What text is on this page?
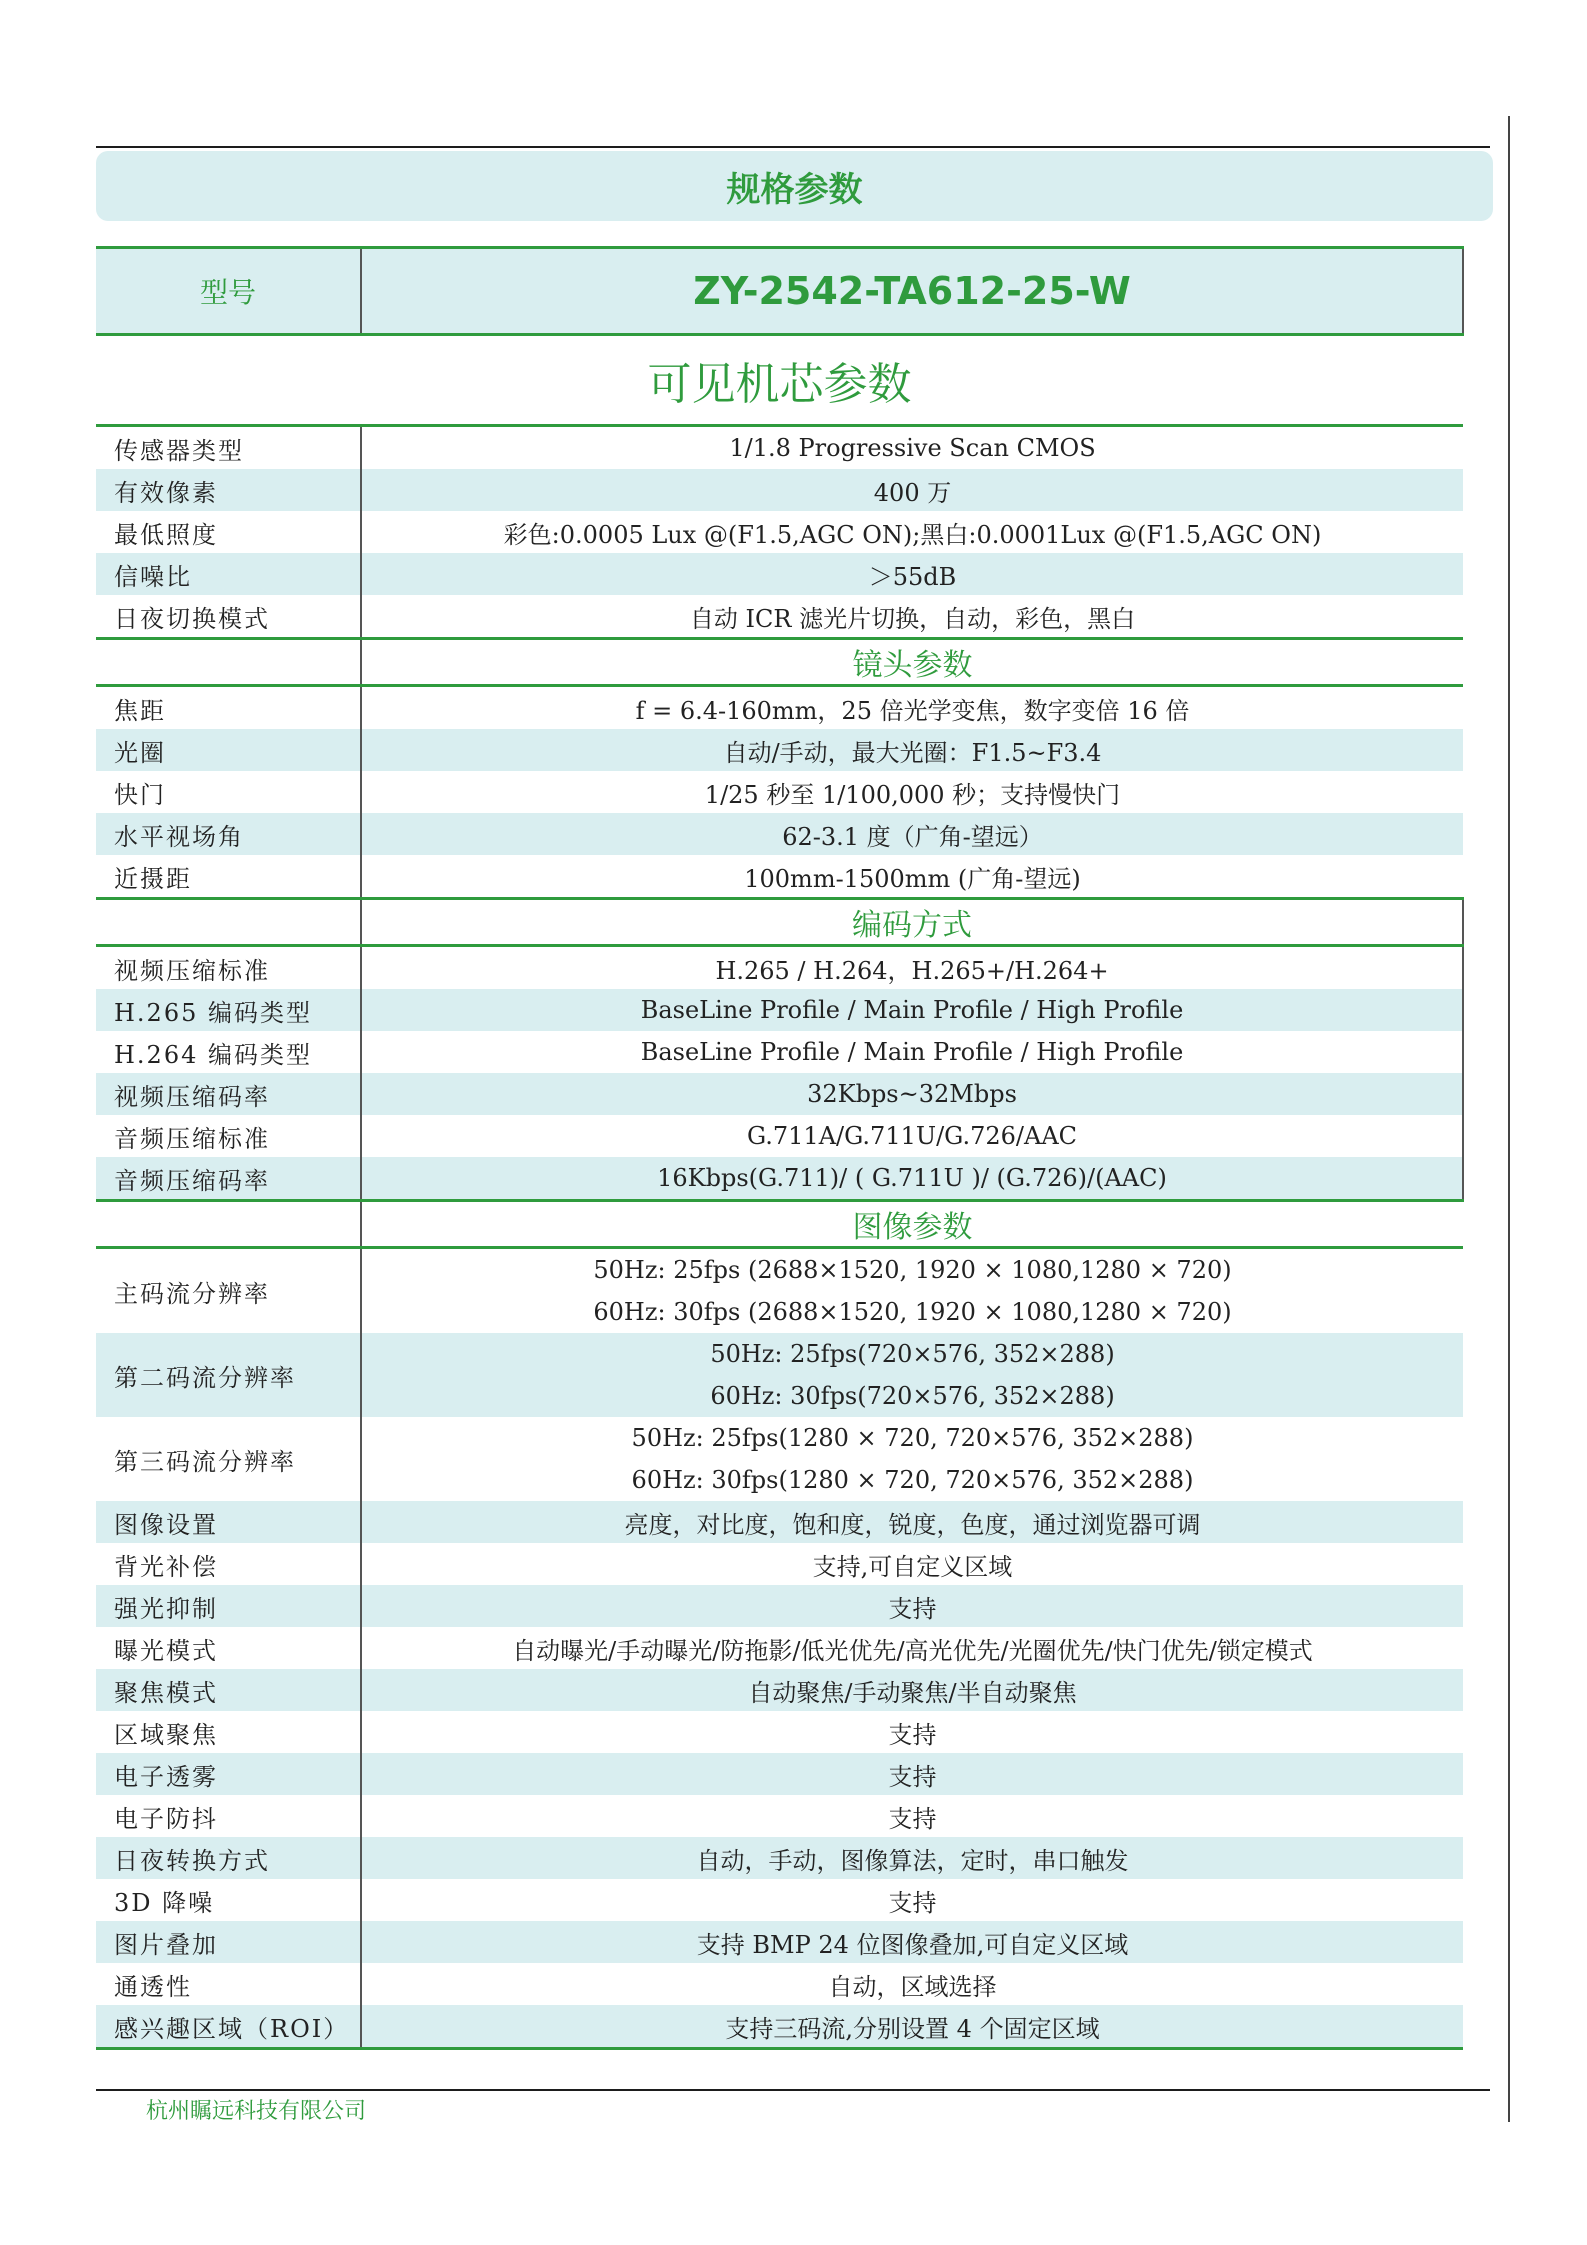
规格参数
型号	ZY-2542-TA612-25-W
可见机芯参数	
传感器类型	1/1.8 Progressive Scan CMOS
有效像素	400 万
最低照度	彩色:0.0005 Lux @(F1.5,AGC ON);黑白:0.0001Lux @(F1.5,AGC ON)
信噪比	＞55dB
日夜切换模式	自动 ICR 滤光片切换，自动，彩色，黑白
	镜头参数
焦距	f = 6.4-160mm，25 倍光学变焦，数字变倍 16 倍
光圈	自动/手动，最大光圈：F1.5~F3.4
快门	1/25 秒至 1/100,000 秒；支持慢快门
水平视场角	62-3.1 度（广角-望远）
近摄距	100mm-1500mm (广角-望远)
	编码方式
视频压缩标准	H.265 / H.264，H.265+/H.264+
H.265 编码类型	BaseLine Profile / Main Profile / High Profile
H.264 编码类型	BaseLine Profile / Main Profile / High Profile
视频压缩码率	32Kbps~32Mbps
音频压缩标准	G.711A/G.711U/G.726/AAC
音频压缩码率	16Kbps(G.711)/ ( G.711U )/ (G.726)/(AAC)
	图像参数
主码流分辨率	50Hz: 25fps (2688×1520, 1920 × 1080,1280 × 720)
60Hz: 30fps (2688×1520, 1920 × 1080,1280 × 720)

第二码流分辨率	50Hz: 25fps(720×576, 352×288)
60Hz: 30fps(720×576, 352×288)

第三码流分辨率	50Hz: 25fps(1280 × 720, 720×576, 352×288)
60Hz: 30fps(1280 × 720, 720×576, 352×288)

图像设置	亮度，对比度，饱和度，锐度，色度，通过浏览器可调
背光补偿	支持,可自定义区域
强光抑制	支持
曝光模式	自动曝光/手动曝光/防拖影/低光优先/高光优先/光圈优先/快门优先/锁定模式
聚焦模式	自动聚焦/手动聚焦/半自动聚焦
区域聚焦	支持
电子透雾	支持
电子防抖	支持
日夜转换方式	自动，手动，图像算法，定时，串口触发
3D 降噪	支持
图片叠加	支持 BMP 24 位图像叠加,可自定义区域
通透性	自动，区域选择
感兴趣区域（ROI）	支持三码流,分别设置 4 个固定区域
杭州瞩远科技有限公司
